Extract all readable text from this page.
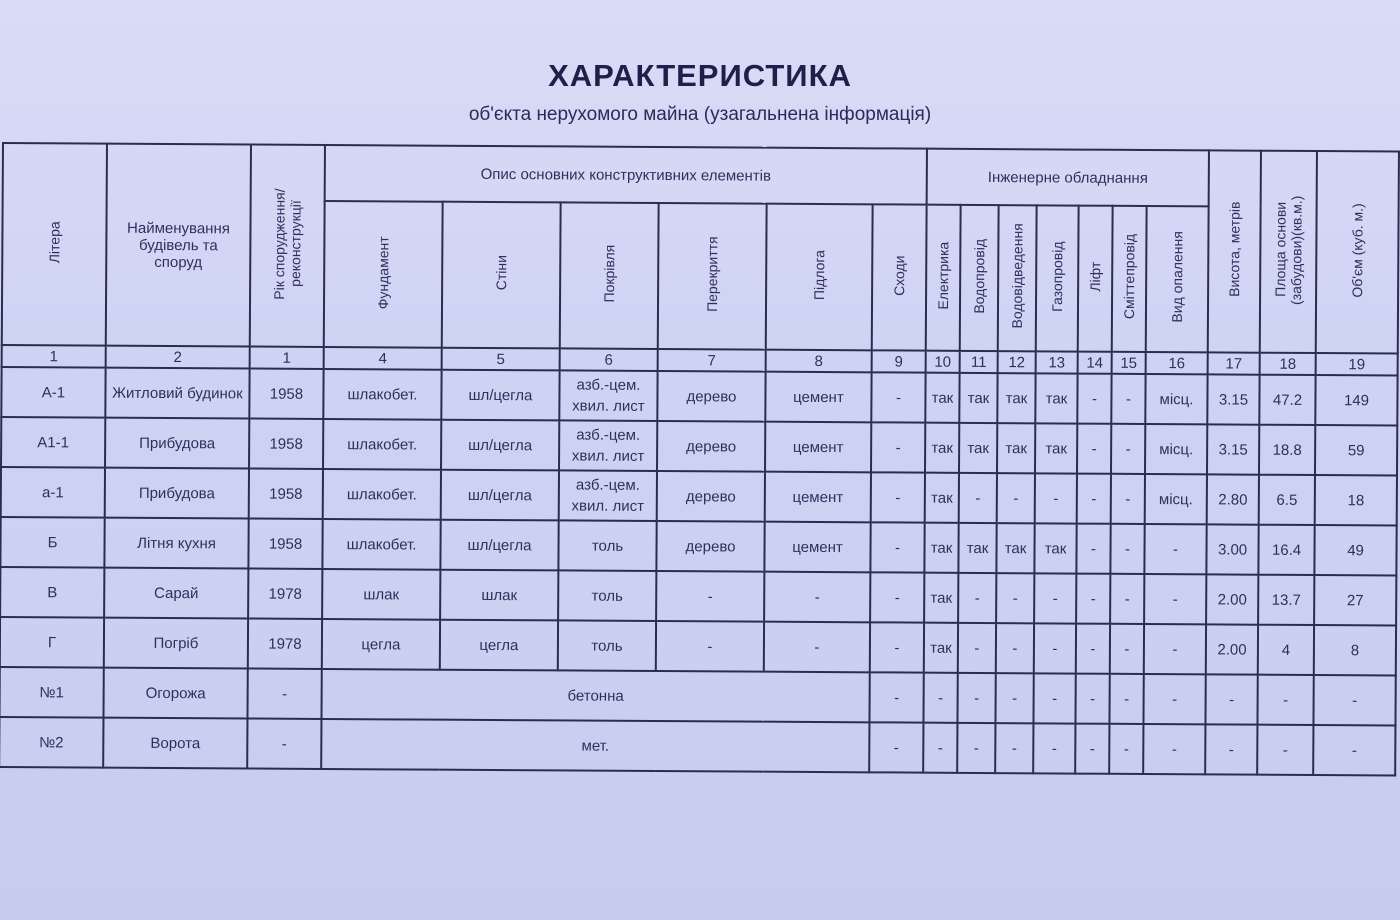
ХАРАКТЕРИСТИКА
об'єкта нерухомого майна (узагальнена інформація)
Літера	Найменування будівель та споруд	Рік спорудження/ реконструкції	Опис основних конструктивних елементів						Інженерне обладнання							Висота, метрів	Площа основи (забудови)(кв.м.)	Об'єм (куб. м.)
			Фундамент	Стіни	Покрівля	Перекриття	Підлога	Сходи	Електрика	Водопровід	Водовідведення	Газопровід	Ліфт	Сміттепровід	Вид опалення			
1	2	1	4	5	6	7	8	9	10	11	12	13	14	15	16	17	18	19
А-1	Житловий будинок	1958	шлакобет.	шл/цегла	азб.-цем. хвил. лист	дерево	цемент	-	так	так	так	так	-	-	місц.	3.15	47.2	149
А1-1	Прибудова	1958	шлакобет.	шл/цегла	азб.-цем. хвил. лист	дерево	цемент	-	так	так	так	так	-	-	місц.	3.15	18.8	59
а-1	Прибудова	1958	шлакобет.	шл/цегла	азб.-цем. хвил. лист	дерево	цемент	-	так	-	-	-	-	-	місц.	2.80	6.5	18
Б	Літня кухня	1958	шлакобет.	шл/цегла	толь	дерево	цемент	-	так	так	так	так	-	-	-	3.00	16.4	49
В	Сарай	1978	шлак	шлак	толь	-	-	-	так	-	-	-	-	-	-	2.00	13.7	27
Г	Погріб	1978	цегла	цегла	толь	-	-	-	так	-	-	-	-	-	-	2.00	4	8
№1	Огорожа	-	бетонна					-	-	-	-	-	-	-	-	-	-	-
№2	Ворота	-	мет.					-	-	-	-	-	-	-	-	-	-	-
